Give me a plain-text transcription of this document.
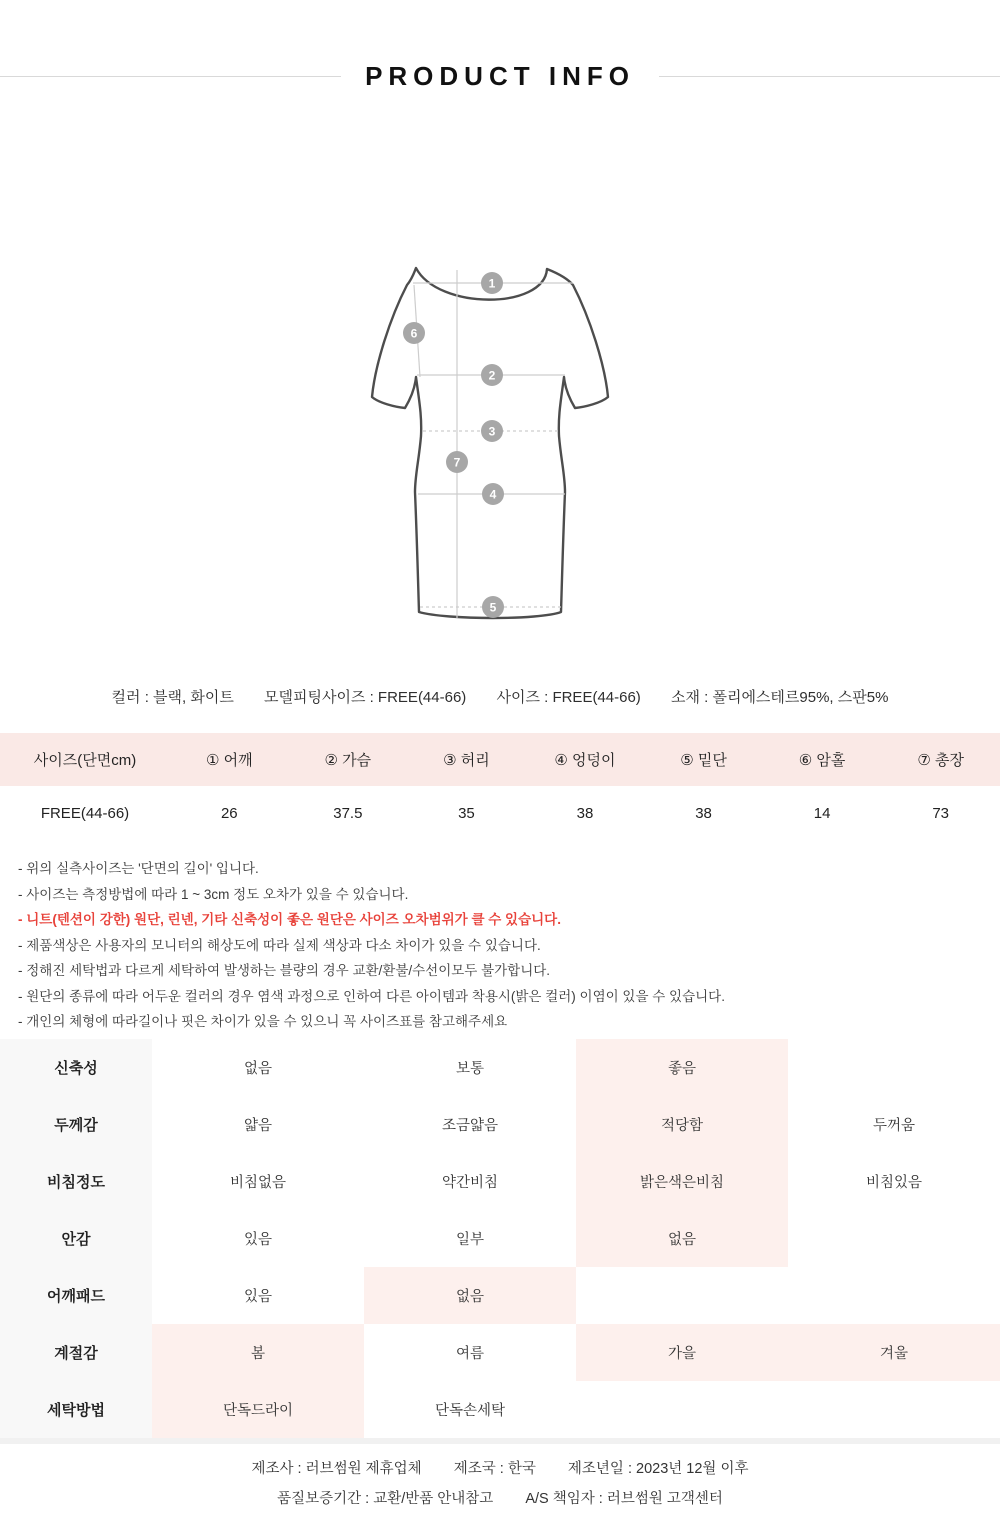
PRODUCT INFO
1
2
3
4
5
6
7
컬러 : 블랙, 화이트 모델피팅사이즈 : FREE(44-66) 사이즈 : FREE(44-66) 소재 : 폴리에스테르95%, 스판5%
사이즈(단면cm)	① 어깨	② 가슴	③ 허리	④ 엉덩이	⑤ 밑단	⑥ 암홀	⑦ 총장
FREE(44-66)	26	37.5	35	38	38	14	73
- 위의 실측사이즈는 '단면의 길이' 입니다.
- 사이즈는 측정방법에 따라 1 ~ 3cm 정도 오차가 있을 수 있습니다.
- 니트(텐션이 강한) 원단, 린넨, 기타 신축성이 좋은 원단은 사이즈 오차범위가 클 수 있습니다.
- 제품색상은 사용자의 모니터의 해상도에 따라 실제 색상과 다소 차이가 있을 수 있습니다.
- 정해진 세탁법과 다르게 세탁하여 발생하는 블량의 경우 교환/환불/수선이모두 불가합니다.
- 원단의 종류에 따라 어두운 컬러의 경우 염색 과정으로 인하여 다른 아이템과 착용시(밝은 컬러) 이염이 있을 수 있습니다.
- 개인의 체형에 따라길이나 핏은 차이가 있을 수 있으니 꼭 사이즈표를 참고해주세요
신축성	없음	보통	좋음
두께감	얇음	조금얇음	적당함	두꺼움
비침정도	비침없음	약간비침	밝은색은비침	비침있음
안감	있음	일부	없음
어깨패드	있음	없음
계절감	봄	여름	가을	겨울
세탁방법	단독드라이	단독손세탁
제조사 : 러브썸원 제휴업체 제조국 : 한국 제조년일 : 2023년 12월 이후
품질보증기간 : 교환/반품 안내참고 A/S 책임자 : 러브썸원 고객센터
